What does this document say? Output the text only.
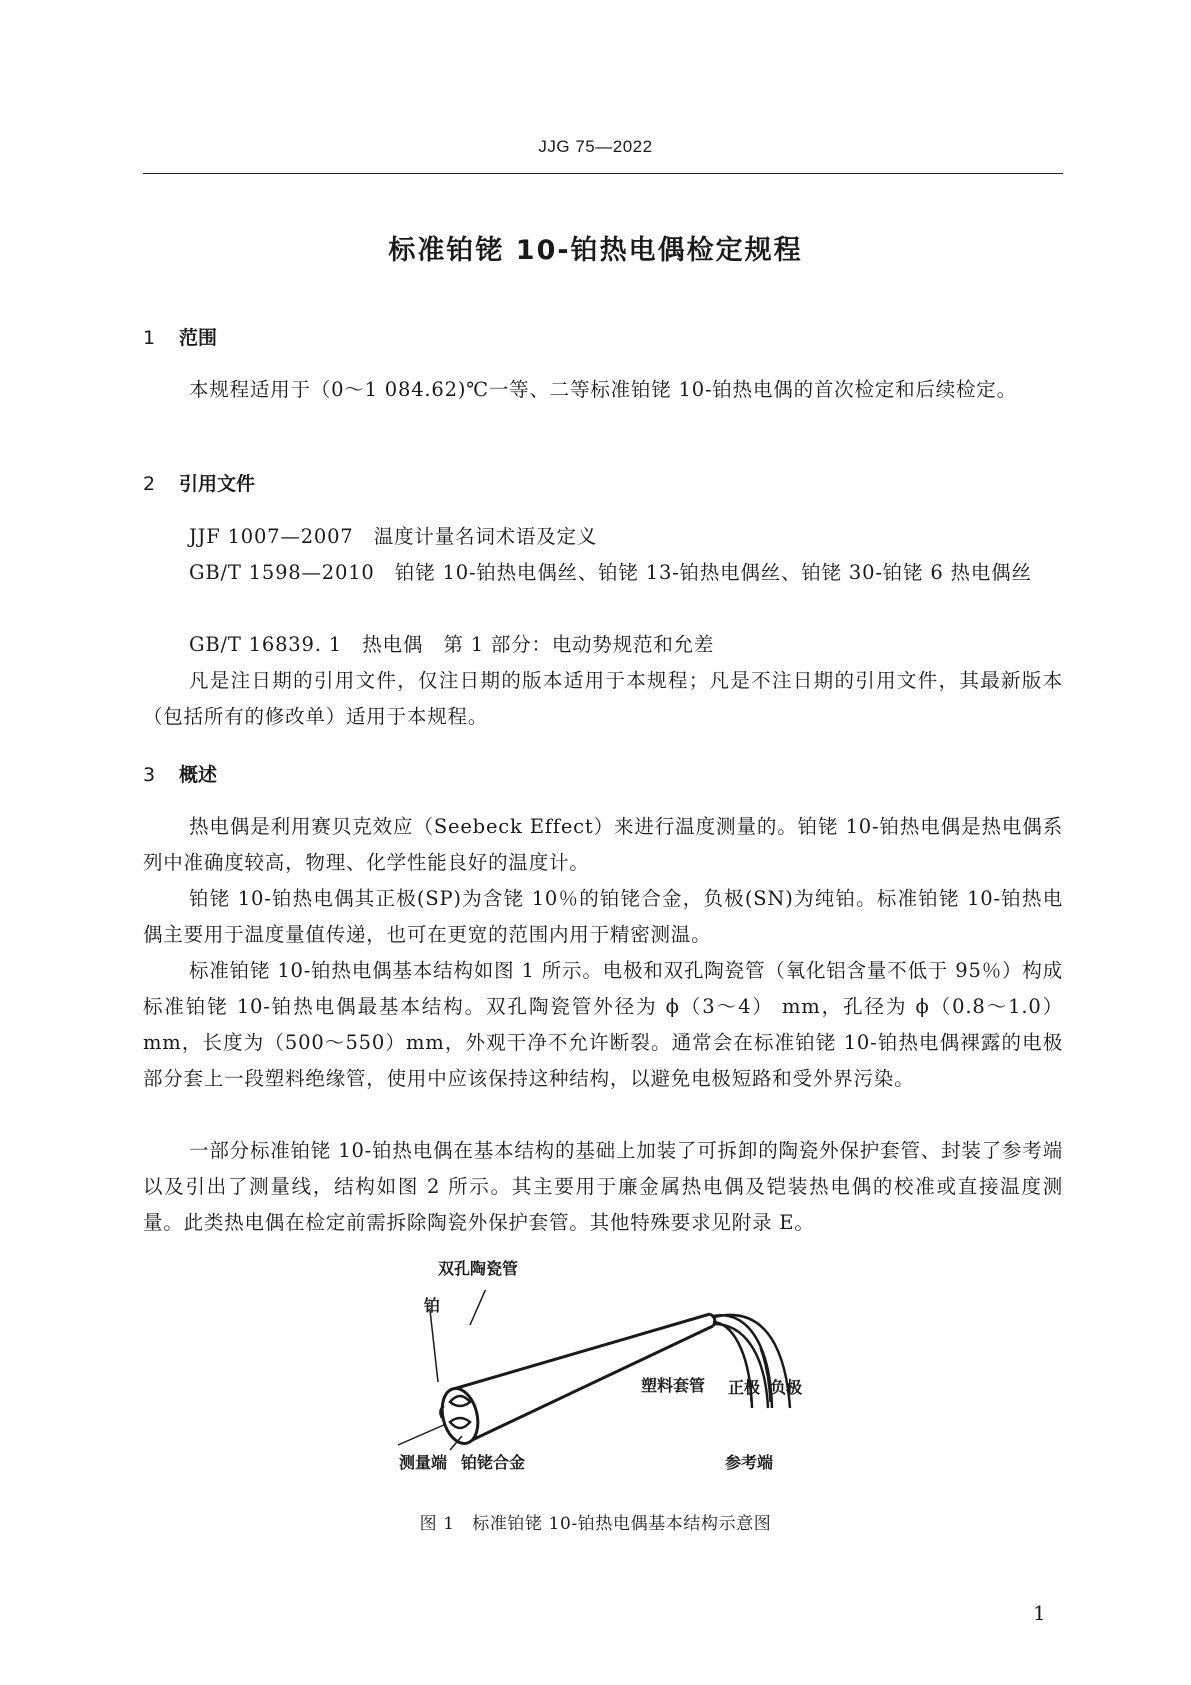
JJG 75—2022
标准铂铑 10-铂热电偶检定规程
1 范围
本规程适用于（0～1 084.62)℃一等、二等标准铂铑 10-铂热电偶的首次检定和后续检定。
2 引用文件
JJF 1007—2007　温度计量名词术语及定义
GB/T 1598—2010　铂铑 10-铂热电偶丝、铂铑 13-铂热电偶丝、铂铑 30-铂铑 6 热电偶丝
GB/T 16839. 1　热电偶　第 1 部分：电动势规范和允差
凡是注日期的引用文件，仅注日期的版本适用于本规程；凡是不注日期的引用文件，其最新版本（包括所有的修改单）适用于本规程。
3 概述
热电偶是利用赛贝克效应（Seebeck Effect）来进行温度测量的。铂铑 10-铂热电偶是热电偶系列中准确度较高，物理、化学性能良好的温度计。
铂铑 10-铂热电偶其正极(SP)为含铑 10％的铂铑合金，负极(SN)为纯铂。标准铂铑 10-铂热电偶主要用于温度量值传递，也可在更宽的范围内用于精密测温。
标准铂铑 10-铂热电偶基本结构如图 1 所示。电极和双孔陶瓷管（氧化铝含量不低于 95％）构成标准铂铑 10-铂热电偶最基本结构。双孔陶瓷管外径为 ϕ（3～4） mm，孔径为 ϕ（0.8～1.0）mm，长度为（500～550）mm，外观干净不允许断裂。通常会在标准铂铑 10-铂热电偶裸露的电极部分套上一段塑料绝缘管，使用中应该保持这种结构，以避免电极短路和受外界污染。
一部分标准铂铑 10-铂热电偶在基本结构的基础上加装了可拆卸的陶瓷外保护套管、封装了参考端以及引出了测量线，结构如图 2 所示。其主要用于廉金属热电偶及铠装热电偶的校准或直接温度测量。此类热电偶在检定前需拆除陶瓷外保护套管。其他特殊要求见附录 E。
双孔陶瓷管
铂
塑料套管 正极 负极
测量端 铂铑合金	参考端
图 1　标准铂铑 10-铂热电偶基本结构示意图
1
